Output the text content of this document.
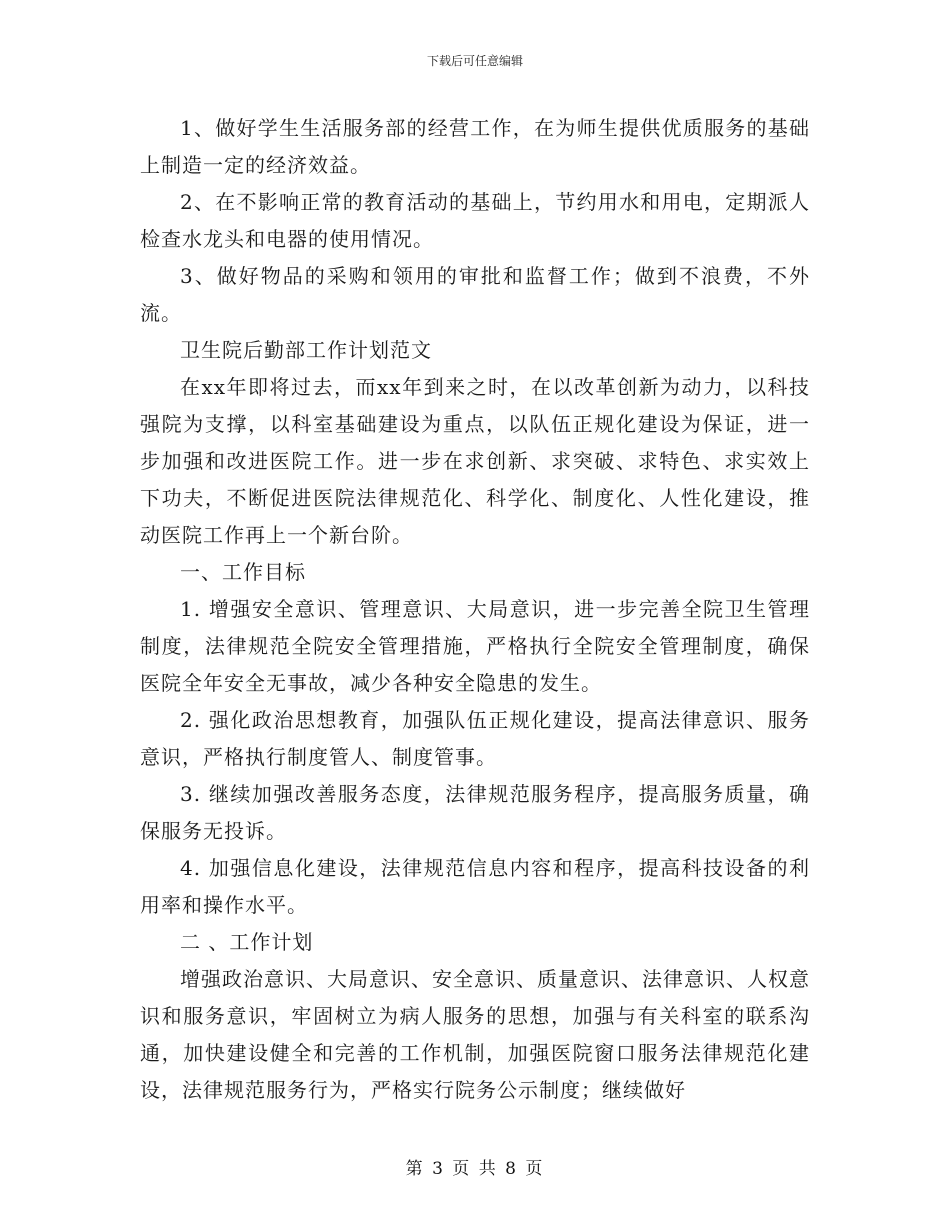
下载后可任意编辑

1、做好学生生活服务部的经营工作，在为师生提供优质服务的基础上制造一定的经济效益。

2、在不影响正常的教育活动的基础上，节约用水和用电，定期派人检查水龙头和电器的使用情况。

3、做好物品的采购和领用的审批和监督工作；做到不浪费，不外流。

卫生院后勤部工作计划范文

在xx年即将过去，而xx年到来之时，在以改革创新为动力，以科技强院为支撑，以科室基础建设为重点，以队伍正规化建设为保证，进一步加强和改进医院工作。进一步在求创新、求突破、求特色、求实效上下功夫，不断促进医院法律规范化、科学化、制度化、人性化建设，推动医院工作再上一个新台阶。

一、工作目标

1. 增强安全意识、管理意识、大局意识，进一步完善全院卫生管理制度，法律规范全院安全管理措施，严格执行全院安全管理制度，确保医院全年安全无事故，减少各种安全隐患的发生。

2. 强化政治思想教育，加强队伍正规化建设，提高法律意识、服务意识，严格执行制度管人、制度管事。

3. 继续加强改善服务态度，法律规范服务程序，提高服务质量，确保服务无投诉。

4. 加强信息化建设，法律规范信息内容和程序，提高科技设备的利用率和操作水平。

二 、工作计划

增强政治意识、大局意识、安全意识、质量意识、法律意识、人权意识和服务意识，牢固树立为病人服务的思想，加强与有关科室的联系沟通，加快建设健全和完善的工作机制，加强医院窗口服务法律规范化建设，法律规范服务行为，严格实行院务公示制度；继续做好

第 3 页 共 8 页
